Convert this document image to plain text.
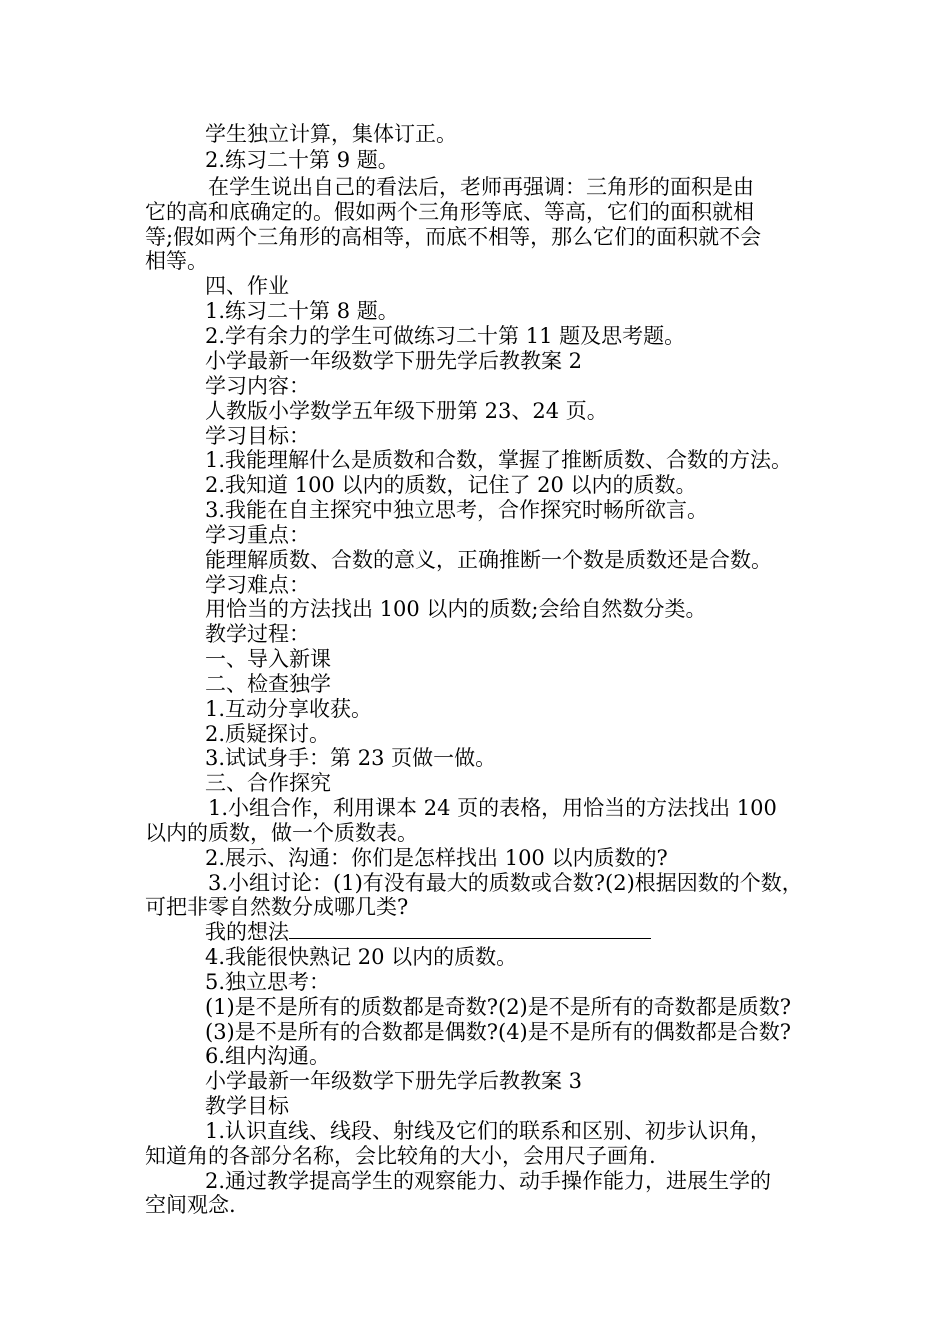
学生独立计算，集体订正。
2.练习二十第 9 题。
在学生说出自己的看法后，老师再强调：三角形的面积是由
它的高和底确定的。假如两个三角形等底、等高，它们的面积就相
等;假如两个三角形的高相等，而底不相等，那么它们的面积就不会
相等。
四、作业
1.练习二十第 8 题。
2.学有余力的学生可做练习二十第 11 题及思考题。
小学最新一年级数学下册先学后教教案 2
学习内容：
人教版小学数学五年级下册第 23、24 页。
学习目标：
1.我能理解什么是质数和合数，掌握了推断质数、合数的方法。
2.我知道 100 以内的质数，记住了 20 以内的质数。
3.我能在自主探究中独立思考，合作探究时畅所欲言。
学习重点：
能理解质数、合数的意义，正确推断一个数是质数还是合数。
学习难点：
用恰当的方法找出 100 以内的质数;会给自然数分类。
教学过程：
一、导入新课
二、检查独学
1.互动分享收获。
2.质疑探讨。
3.试试身手：第 23 页做一做。
三、合作探究
1.小组合作，利用课本 24 页的表格，用恰当的方法找出 100
以内的质数，做一个质数表。
2.展示、沟通：你们是怎样找出 100 以内质数的?
3.小组讨论：(1)有没有最大的质数或合数?(2)根据因数的个数，
可把非零自然数分成哪几类?
我的想法
4.我能很快熟记 20 以内的质数。
5.独立思考：
(1)是不是所有的质数都是奇数?(2)是不是所有的奇数都是质数?
(3)是不是所有的合数都是偶数?(4)是不是所有的偶数都是合数?
6.组内沟通。
小学最新一年级数学下册先学后教教案 3
教学目标
1.认识直线、线段、射线及它们的联系和区别、初步认识角，
知道角的各部分名称，会比较角的大小，会用尺子画角.
2.通过教学提高学生的观察能力、动手操作能力，进展生学的
空间观念.
